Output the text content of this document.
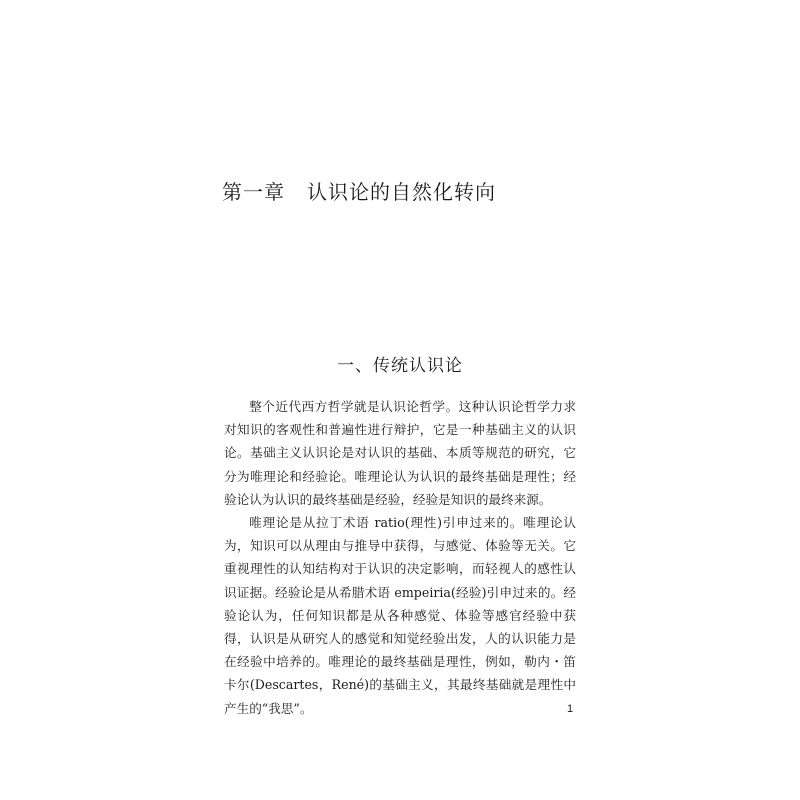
第一章 认识论的自然化转向
一、传统认识论

整个近代西方哲学就是认识论哲学。这种认识论哲学力求对知识的客观性和普遍性进行辩护，它是一种基础主义的认识论。基础主义认识论是对认识的基础、本质等规范的研究，它分为唯理论和经验论。唯理论认为认识的最终基础是理性；经验论认为认识的最终基础是经验，经验是知识的最终来源。

唯理论是从拉丁术语 ratio(理性)引申过来的。唯理论认为，知识可以从理由与推导中获得，与感觉、体验等无关。它重视理性的认知结构对于认识的决定影响，而轻视人的感性认识证据。经验论是从希腊术语 empeiria(经验)引申过来的。经验论认为，任何知识都是从各种感觉、体验等感官经验中获得，认识是从研究人的感觉和知觉经验出发，人的认识能力是在经验中培养的。唯理论的最终基础是理性，例如，勒内・笛卡尔(Descartes，René)的基础主义，其最终基础就是理性中产生的“我思”。	1
